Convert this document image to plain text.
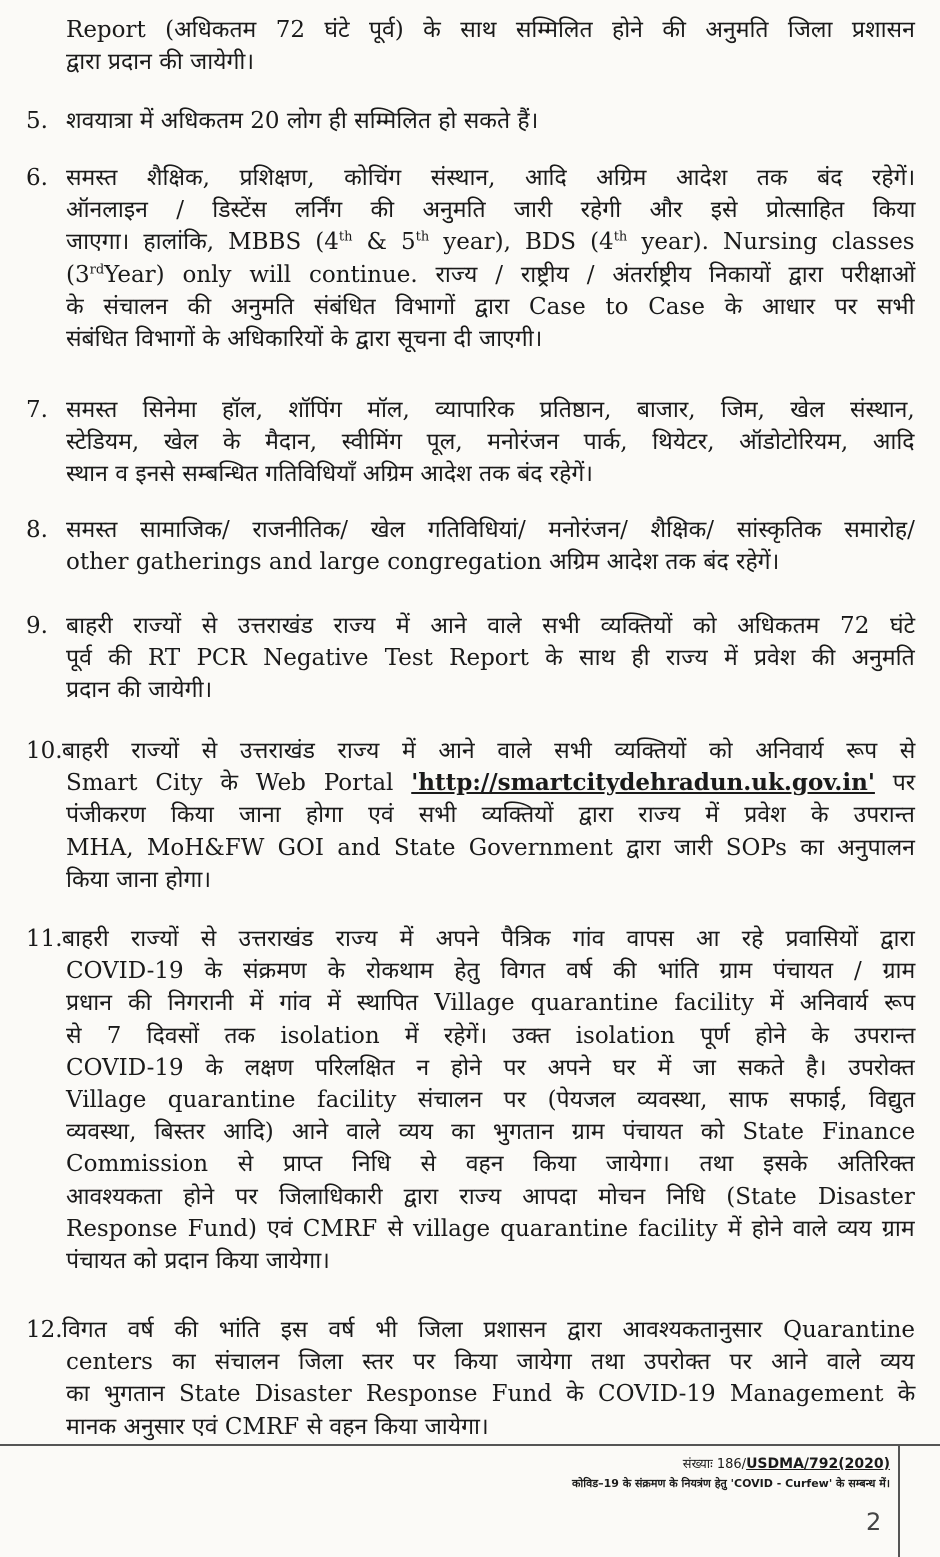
Report (अधिकतम 72 घंटे पूर्व) के साथ सम्मिलित होने की अनुमति जिला प्रशासन
द्वारा प्रदान की जायेगी।
5. शवयात्रा में अधिकतम 20 लोग ही सम्मिलित हो सकते हैं।
6. समस्त शैक्षिक, प्रशिक्षण, कोचिंग संस्थान, आदि अग्रिम आदेश तक बंद रहेगें।
ऑनलाइन / डिस्टेंस लर्निंग की अनुमति जारी रहेगी और इसे प्रोत्साहित किया
जाएगा। हालांकि, MBBS (4th & 5th year), BDS (4th year). Nursing classes
(3rdYear) only will continue. राज्य / राष्ट्रीय / अंतर्राष्ट्रीय निकायों द्वारा परीक्षाओं
के संचालन की अनुमति संबंधित विभागों द्वारा Case to Case के आधार पर सभी
संबंधित विभागों के अधिकारियों के द्वारा सूचना दी जाएगी।
7. समस्त सिनेमा हॉल, शॉपिंग मॉल, व्यापारिक प्रतिष्ठान, बाजार, जिम, खेल संस्थान,
स्टेडियम, खेल के मैदान, स्वीमिंग पूल, मनोरंजन पार्क, थियेटर, ऑडोटोरियम, आदि
स्थान व इनसे सम्बन्धित गतिविधियाँ अग्रिम आदेश तक बंद रहेगें।
8. समस्त सामाजिक/ राजनीतिक/ खेल गतिविधियां/ मनोरंजन/ शैक्षिक/ सांस्कृतिक समारोह/
other gatherings and large congregation अग्रिम आदेश तक बंद रहेगें।
9. बाहरी राज्यों से उत्तराखंड राज्य में आने वाले सभी व्यक्तियों को अधिकतम 72 घंटे
पूर्व की RT PCR Negative Test Report के साथ ही राज्य में प्रवेश की अनुमति
प्रदान की जायेगी।
10. बाहरी राज्यों से उत्तराखंड राज्य में आने वाले सभी व्यक्तियों को अनिवार्य रूप से
Smart City के Web Portal 'http://smartcitydehradun.uk.gov.in' पर
पंजीकरण किया जाना होगा एवं सभी व्यक्तियों द्वारा राज्य में प्रवेश के उपरान्त
MHA, MoH&FW GOI and State Government द्वारा जारी SOPs का अनुपालन
किया जाना होगा।
11. बाहरी राज्यों से उत्तराखंड राज्य में अपने पैत्रिक गांव वापस आ रहे प्रवासियों द्वारा
COVID-19 के संक्रमण के रोकथाम हेतु विगत वर्ष की भांति ग्राम पंचायत / ग्राम
प्रधान की निगरानी में गांव में स्थापित Village quarantine facility में अनिवार्य रूप
से 7 दिवसों तक isolation में रहेगें। उक्त isolation पूर्ण होने के उपरान्त
COVID-19 के लक्षण परिलक्षित न होने पर अपने घर में जा सकते है। उपरोक्त
Village quarantine facility संचालन पर (पेयजल व्यवस्था, साफ सफाई, विद्युत
व्यवस्था, बिस्तर आदि) आने वाले व्यय का भुगतान ग्राम पंचायत को State Finance
Commission से प्राप्त निधि से वहन किया जायेगा। तथा इसके अतिरिक्त
आवश्यकता होने पर जिलाधिकारी द्वारा राज्य आपदा मोचन निधि (State Disaster
Response Fund) एवं CMRF से village quarantine facility में होने वाले व्यय ग्राम
पंचायत को प्रदान किया जायेगा।
12. विगत वर्ष की भांति इस वर्ष भी जिला प्रशासन द्वारा आवश्यकतानुसार Quarantine
centers का संचालन जिला स्तर पर किया जायेगा तथा उपरोक्त पर आने वाले व्यय
का भुगतान State Disaster Response Fund के COVID-19 Management के
मानक अनुसार एवं CMRF से वहन किया जायेगा।
संख्याः 186/USDMA/792(2020)
कोविड–19 के संक्रमण के नियत्रंण हेतु 'COVID - Curfew' के सम्बन्ध में।
2
